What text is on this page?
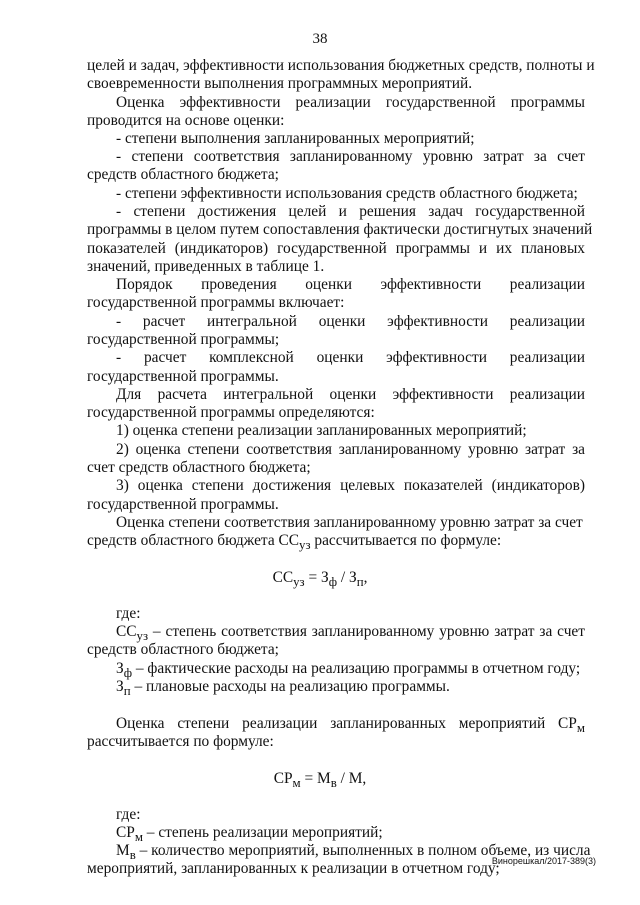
38
целей и задач, эффективности использования бюджетных средств, полноты и
своевременности выполнения программных мероприятий.
Оценка эффективности реализации государственной программы
проводится на основе оценки:
- степени выполнения запланированных мероприятий;
- степени соответствия запланированному уровню затрат за счет
средств областного бюджета;
- степени эффективности использования средств областного бюджета;
- степени достижения целей и решения задач государственной
программы в целом путем сопоставления фактически достигнутых значений
показателей (индикаторов) государственной программы и их плановых
значений, приведенных в таблице 1.
Порядок проведения оценки эффективности реализации
государственной программы включает:
- расчет интегральной оценки эффективности реализации
государственной программы;
- расчет комплексной оценки эффективности реализации
государственной программы.
Для расчета интегральной оценки эффективности реализации
государственной программы определяются:
1) оценка степени реализации запланированных мероприятий;
2) оценка степени соответствия запланированному уровню затрат за
счет средств областного бюджета;
3) оценка степени достижения целевых показателей (индикаторов)
государственной программы.
Оценка степени соответствия запланированному уровню затрат за счет
средств областного бюджета $СС_{уз}$ рассчитывается по формуле:
$СС_{уз} = З_ф / З_п$,
где:
$СС_{уз}$ – степень соответствия запланированному уровню затрат за счет
средств областного бюджета;
$З_ф$ – фактические расходы на реализацию программы в отчетном году;
$З_п$ – плановые расходы на реализацию программы.
Оценка степени реализации запланированных мероприятий $СР_м$
рассчитывается по формуле:
$СР_м = М_в / М$,
где:
$СР_м$ – степень реализации мероприятий;
$М_в$ – количество мероприятий, выполненных в полном объеме, из числа
мероприятий, запланированных к реализации в отчетном году;
Винорешкал/2017-389(3)
